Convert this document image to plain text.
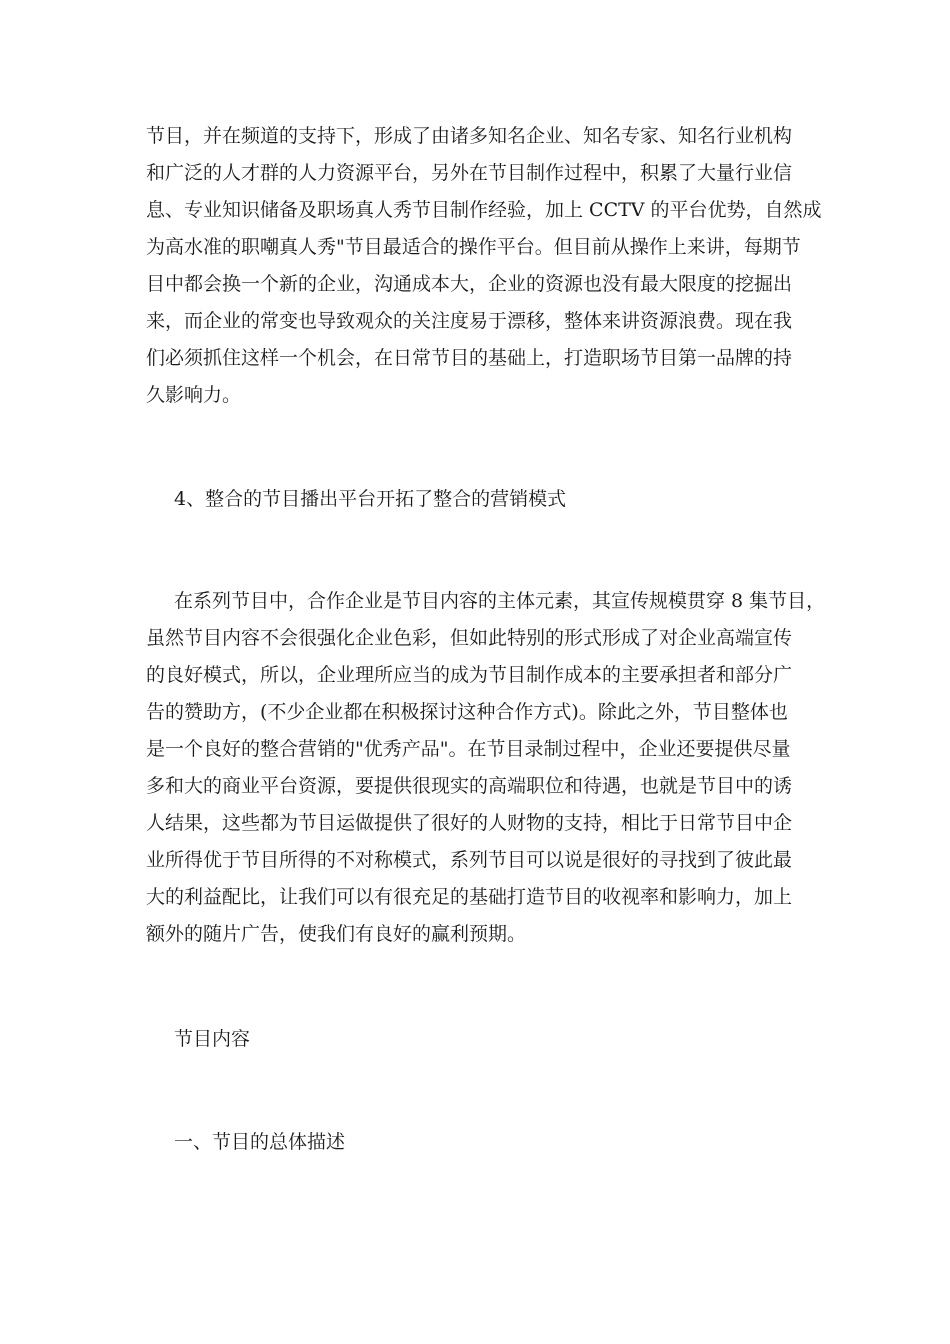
节目，并在频道的支持下，形成了由诸多知名企业、知名专家、知名行业机构
和广泛的人才群的人力资源平台，另外在节目制作过程中，积累了大量行业信
息、专业知识储备及职场真人秀节目制作经验，加上 CCTV 的平台优势，自然成
为高水准的职嘲真人秀"节目最适合的操作平台。但目前从操作上来讲，每期节
目中都会换一个新的企业，沟通成本大，企业的资源也没有最大限度的挖掘出
来，而企业的常变也导致观众的关注度易于漂移，整体来讲资源浪费。现在我
们必须抓住这样一个机会，在日常节目的基础上，打造职场节目第一品牌的持
久影响力。
4、整合的节目播出平台开拓了整合的营销模式
在系列节目中，合作企业是节目内容的主体元素，其宣传规模贯穿 8 集节目，
虽然节目内容不会很强化企业色彩，但如此特别的形式形成了对企业高端宣传
的良好模式，所以，企业理所应当的成为节目制作成本的主要承担者和部分广
告的赞助方，(不少企业都在积极探讨这种合作方式)。除此之外，节目整体也
是一个良好的整合营销的"优秀产品"。在节目录制过程中，企业还要提供尽量
多和大的商业平台资源，要提供很现实的高端职位和待遇，也就是节目中的诱
人结果，这些都为节目运做提供了很好的人财物的支持，相比于日常节目中企
业所得优于节目所得的不对称模式，系列节目可以说是很好的寻找到了彼此最
大的利益配比，让我们可以有很充足的基础打造节目的收视率和影响力，加上
额外的随片广告，使我们有良好的赢利预期。
节目内容
一、节目的总体描述
